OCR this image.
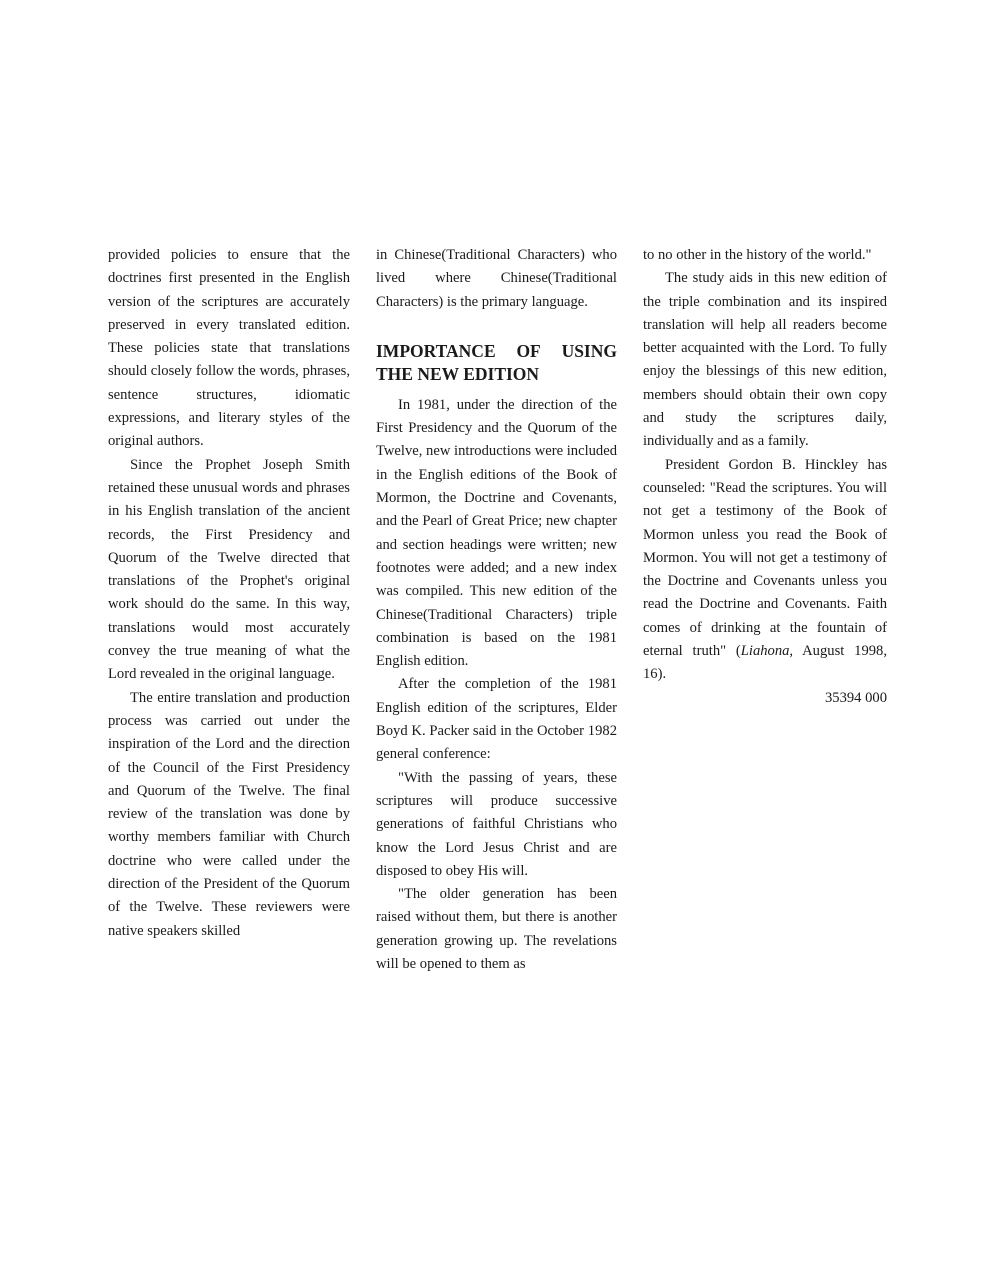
provided policies to ensure that the doctrines first presented in the English version of the scriptures are accurately preserved in every translated edition. These policies state that translations should closely follow the words, phrases, sentence structures, idiomatic expressions, and literary styles of the original authors.

Since the Prophet Joseph Smith retained these unusual words and phrases in his English translation of the ancient records, the First Presidency and Quorum of the Twelve directed that translations of the Prophet's original work should do the same. In this way, translations would most accurately convey the true meaning of what the Lord revealed in the original language.

The entire translation and production process was carried out under the inspiration of the Lord and the direction of the Council of the First Presidency and Quorum of the Twelve. The final review of the translation was done by worthy members familiar with Church doctrine who were called under the direction of the President of the Quorum of the Twelve. These reviewers were native speakers skilled

in Chinese(Traditional Characters) who lived where Chinese(Traditional Characters) is the primary language.

IMPORTANCE OF USING
THE NEW EDITION

In 1981, under the direction of the First Presidency and the Quorum of the Twelve, new introductions were included in the English editions of the Book of Mormon, the Doctrine and Covenants, and the Pearl of Great Price; new chapter and section headings were written; new footnotes were added; and a new index was compiled. This new edition of the Chinese(Traditional Characters) triple combination is based on the 1981 English edition.

After the completion of the 1981 English edition of the scriptures, Elder Boyd K. Packer said in the October 1982 general conference:

"With the passing of years, these scriptures will produce successive generations of faithful Christians who know the Lord Jesus Christ and are disposed to obey His will.

"The older generation has been raised without them, but there is another generation growing up. The revelations will be opened to them as

to no other in the history of the world."

The study aids in this new edition of the triple combination and its inspired translation will help all readers become better acquainted with the Lord. To fully enjoy the blessings of this new edition, members should obtain their own copy and study the scriptures daily, individually and as a family.

President Gordon B. Hinckley has counseled: "Read the scriptures. You will not get a testimony of the Book of Mormon unless you read the Book of Mormon. You will not get a testimony of the Doctrine and Covenants unless you read the Doctrine and Covenants. Faith comes of drinking at the fountain of eternal truth" (Liahona, August 1998, 16).

35394 000
